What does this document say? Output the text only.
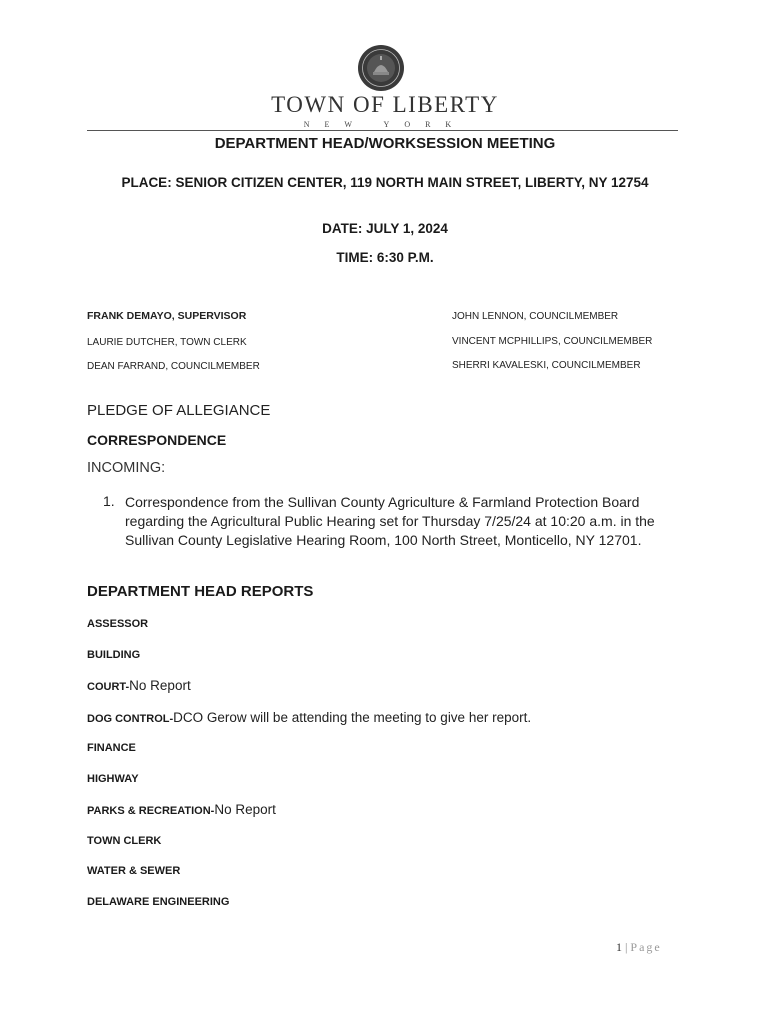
TOWN OF LIBERTY
NEW YORK
DEPARTMENT HEAD/WORKSESSION MEETING
PLACE: SENIOR CITIZEN CENTER, 119 NORTH MAIN STREET, LIBERTY, NY 12754
DATE: JULY 1, 2024
TIME: 6:30 P.M.
FRANK DEMAYO, SUPERVISOR
LAURIE DUTCHER, TOWN CLERK
DEAN FARRAND, COUNCILMEMBER
JOHN LENNON, COUNCILMEMBER
VINCENT MCPHILLIPS, COUNCILMEMBER
SHERRI KAVALESKI, COUNCILMEMBER
PLEDGE OF ALLEGIANCE
CORRESPONDENCE
INCOMING:
1. Correspondence from the Sullivan County Agriculture & Farmland Protection Board regarding the Agricultural Public Hearing set for Thursday 7/25/24 at 10:20 a.m. in the Sullivan County Legislative Hearing Room, 100 North Street, Monticello, NY 12701.
DEPARTMENT HEAD REPORTS
ASSESSOR
BUILDING
COURT-No Report
DOG CONTROL-DCO Gerow will be attending the meeting to give her report.
FINANCE
HIGHWAY
PARKS & RECREATION-No Report
TOWN CLERK
WATER & SEWER
DELAWARE ENGINEERING
1 | Page
